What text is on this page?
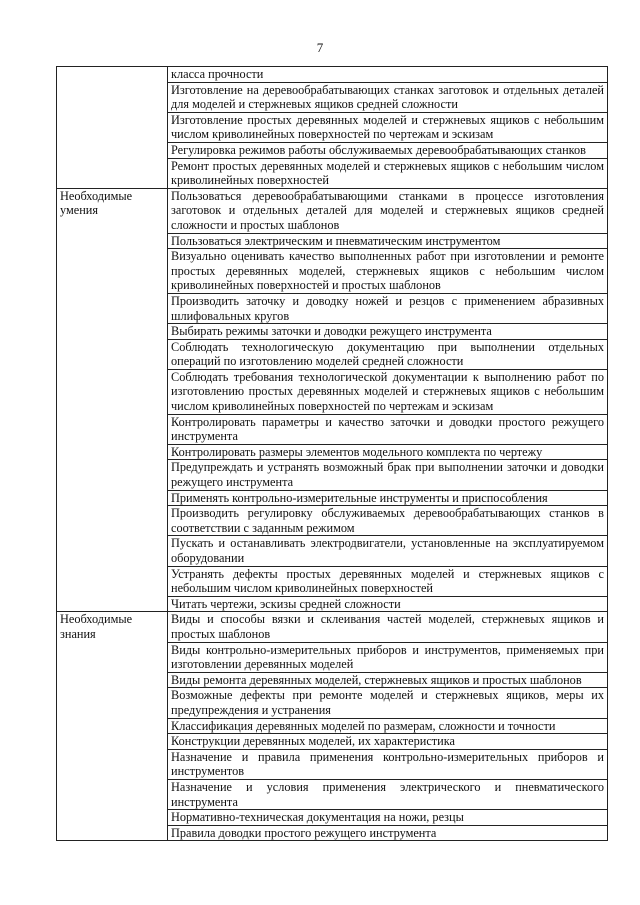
7
	класса прочности
	Изготовление на деревообрабатывающих станках заготовок и отдельных деталей для моделей и стержневых ящиков средней сложности
	Изготовление простых деревянных моделей и стержневых ящиков с небольшим числом криволинейных поверхностей по чертежам и эскизам
	Регулировка режимов работы обслуживаемых деревообрабатывающих станков
	Ремонт простых деревянных моделей и стержневых ящиков с небольшим числом криволинейных поверхностей
Необходимые умения	Пользоваться деревообрабатывающими станками в процессе изготовления заготовок и отдельных деталей для моделей и стержневых ящиков средней сложности и простых шаблонов
	Пользоваться электрическим и пневматическим инструментом
	Визуально оценивать качество выполненных работ при изготовлении и ремонте простых деревянных моделей, стержневых ящиков с небольшим числом криволинейных поверхностей и простых шаблонов
	Производить заточку и доводку ножей и резцов с применением абразивных шлифовальных кругов
	Выбирать режимы заточки и доводки режущего инструмента
	Соблюдать технологическую документацию при выполнении отдельных операций по изготовлению моделей средней сложности
	Соблюдать требования технологической документации к выполнению работ по изготовлению простых деревянных моделей и стержневых ящиков с небольшим числом криволинейных поверхностей по чертежам и эскизам
	Контролировать параметры и качество заточки и доводки простого режущего инструмента
	Контролировать размеры элементов модельного комплекта по чертежу
	Предупреждать и устранять возможный брак при выполнении заточки и доводки режущего инструмента
	Применять контрольно-измерительные инструменты и приспособления
	Производить регулировку обслуживаемых деревообрабатывающих станков в соответствии с заданным режимом
	Пускать и останавливать электродвигатели, установленные на эксплуатируемом оборудовании
	Устранять дефекты простых деревянных моделей и стержневых ящиков с небольшим числом криволинейных поверхностей
	Читать чертежи, эскизы средней сложности
Необходимые знания	Виды и способы вязки и склеивания частей моделей, стержневых ящиков и простых шаблонов
	Виды контрольно-измерительных приборов и инструментов, применяемых при изготовлении деревянных моделей
	Виды ремонта деревянных моделей, стержневых ящиков и простых шаблонов
	Возможные дефекты при ремонте моделей и стержневых ящиков, меры их предупреждения и устранения
	Классификация деревянных моделей по размерам, сложности и точности
	Конструкции деревянных моделей, их характеристика
	Назначение и правила применения контрольно-измерительных приборов и инструментов
	Назначение и условия применения электрического и пневматического инструмента
	Нормативно-техническая документация на ножи, резцы
	Правила доводки простого режущего инструмента
